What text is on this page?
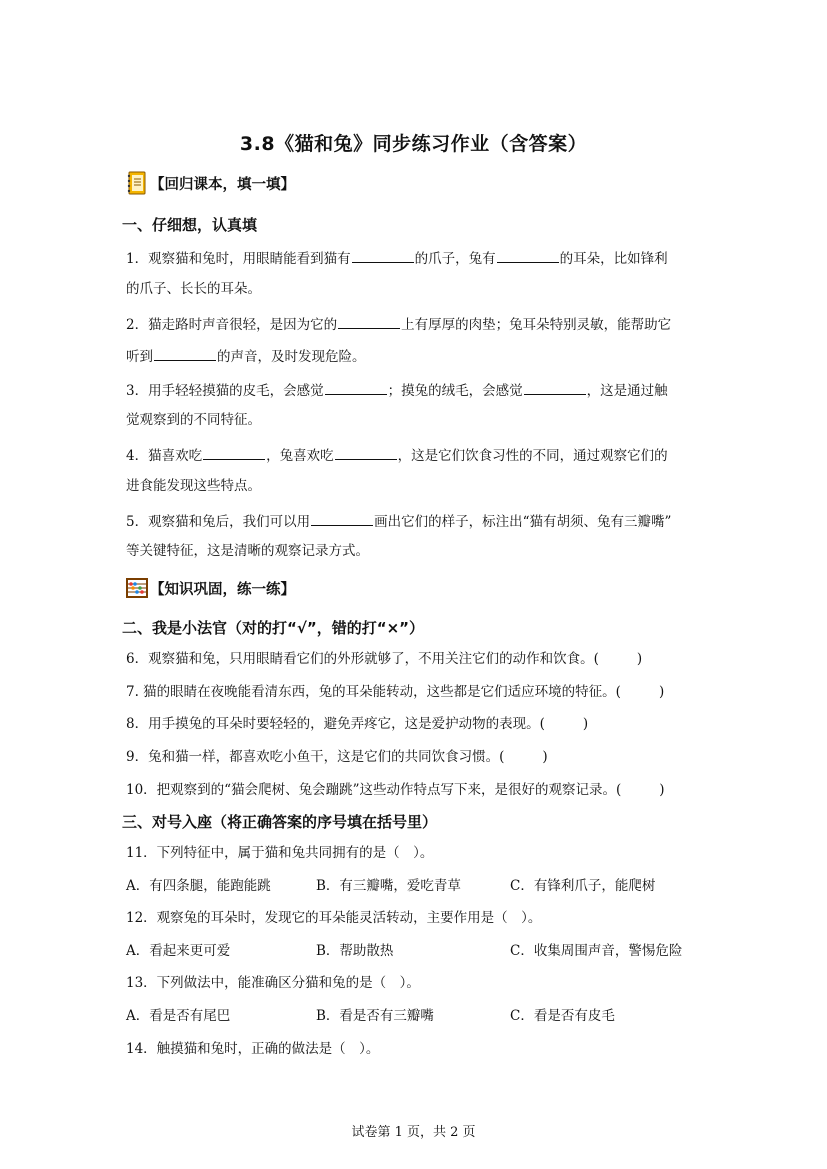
3.8《猫和兔》同步练习作业（含答案）
【回归课本，填一填】
一、仔细想，认真填
1．观察猫和兔时，用眼睛能看到猫有	的爪子，兔有	的耳朵，比如锋利
的爪子、长长的耳朵。
2．猫走路时声音很轻，是因为它的	上有厚厚的肉垫；兔耳朵特别灵敏，能帮助它
听到	的声音，及时发现危险。
3．用手轻轻摸猫的皮毛，会感觉	；摸兔的绒毛，会感觉	，这是通过触
觉观察到的不同特征。
4．猫喜欢吃	，兔喜欢吃	，这是它们饮食习性的不同，通过观察它们的
进食能发现这些特点。
5．观察猫和兔后，我们可以用	画出它们的样子，标注出“猫有胡须、兔有三瓣嘴”
等关键特征，这是清晰的观察记录方式。
【知识巩固，练一练】
二、我是小法官（对的打“√”，错的打“×”）
6．观察猫和兔，只用眼睛看它们的外形就够了，不用关注它们的动作和饮食。(	)
7. 猫的眼睛在夜晚能看清东西，兔的耳朵能转动，这些都是它们适应环境的特征。(	)
8．用手摸兔的耳朵时要轻轻的，避免弄疼它，这是爱护动物的表现。(	)
9．兔和猫一样，都喜欢吃小鱼干，这是它们的共同饮食习惯。(	)
10．把观察到的“猫会爬树、兔会蹦跳”这些动作特点写下来，是很好的观察记录。(	)
三、对号入座（将正确答案的序号填在括号里）
11．下列特征中，属于猫和兔共同拥有的是（　）。
A．有四条腿，能跑能跳	B．有三瓣嘴，爱吃青草	C．有锋利爪子，能爬树
12．观察兔的耳朵时，发现它的耳朵能灵活转动，主要作用是（　）。
A．看起来更可爱	B．帮助散热	C．收集周围声音，警惕危险
13．下列做法中，能准确区分猫和兔的是（　）。
A．看是否有尾巴	B．看是否有三瓣嘴	C．看是否有皮毛
14．触摸猫和兔时，正确的做法是（　）。
试卷第 1 页，共 2 页
